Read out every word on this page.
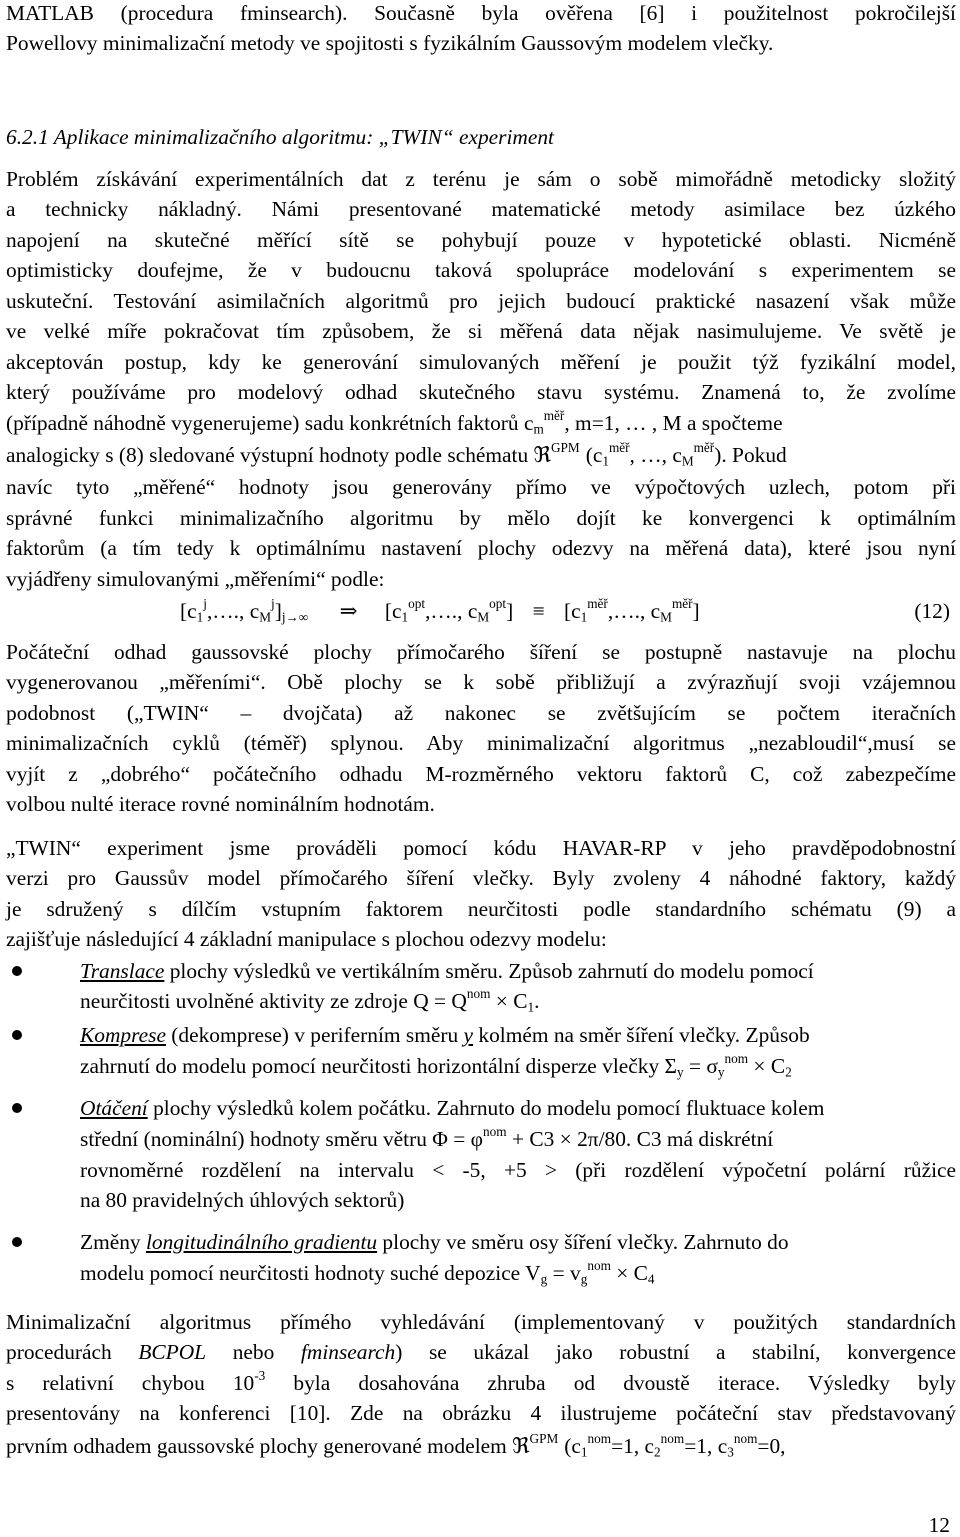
MATLAB (procedura fminsearch). Současně byla ověřena [6] i použitelnost pokročilejší
Powellovy minimalizační metody ve spojitosti s fyzikálním Gaussovým modelem vlečky.
6.2.1 Aplikace minimalizačního algoritmu: „TWIN“ experiment
Problém získávání experimentálních dat z terénu je sám o sobě mimořádně metodicky složitý
a technicky nákladný. Námi presentované matematické metody asimilace bez úzkého
napojení na skutečné měřící sítě se pohybují pouze v hypotetické oblasti. Nicméně
optimisticky doufejme, že v budoucnu taková spolupráce modelování s experimentem se
uskuteční. Testování asimilačních algoritmů pro jejich budoucí praktické nasazení však může
ve velké míře pokračovat tím způsobem, že si měřená data nějak nasimulujeme. Ve světě je
akceptován postup, kdy ke generování simulovaných měření je použit týž fyzikální model,
který používáme pro modelový odhad skutečného stavu systému. Znamená to, že zvolíme
(případně náhodně vygenerujeme) sadu konkrétních faktorů $c_m^{měř}$, m=1, … , M a spočteme
analogicky s (8) sledované výstupní hodnoty podle schématu ℜ$^{GPM}$ ($c_1^{měř}$, …, $c_M^{měř}$). Pokud
navíc tyto „měřené“ hodnoty jsou generovány přímo ve výpočtových uzlech, potom při
správné funkci minimalizačního algoritmu by mělo dojít ke konvergenci k optimálním
faktorům (a tím tedy k optimálnímu nastavení plochy odezvy na měřená data), které jsou nyní
vyjádřeny simulovanými „měřeními“ podle:
[$c_1^j,\dots$., $c_M^j]_{j\to\infty}$ ⇒ [$c_1^{opt},\dots$., $c_M^{opt}$] ≡ [$c_1^{měř},\dots$., $c_M^{měř}$]	(12)
Počáteční odhad gaussovské plochy přímočarého šíření se postupně nastavuje na plochu
vygenerovanou „měřeními“. Obě plochy se k sobě přibližují a zvýrazňují svoji vzájemnou
podobnost („TWIN“ – dvojčata) až nakonec se zvětšujícím se počtem iteračních
minimalizačních cyklů (téměř) splynou. Aby minimalizační algoritmus „nezabloudil“,musí se
vyjít z „dobrého“ počátečního odhadu M-rozměrného vektoru faktorů C, což zabezpečíme
volbou nulté iterace rovné nominálním hodnotám.
„TWIN“ experiment jsme prováděli pomocí kódu HAVAR-RP v jeho pravděpodobnostní
verzi pro Gaussův model přímočarého šíření vlečky. Byly zvoleny 4 náhodné faktory, každý
je sdružený s dílčím vstupním faktorem neurčitosti podle standardního schématu (9) a
zajišťuje následující 4 základní manipulace s plochou odezvy modelu:
Translace plochy výsledků ve vertikálním směru. Způsob zahrnutí do modelu pomocí
neurčitosti uvolněné aktivity ze zdroje $Q = Q^{nom} \times C_1$.
Komprese (dekomprese) v periferním směru y kolmém na směr šíření vlečky. Způsob
zahrnutí do modelu pomocí neurčitosti horizontální disperze vlečky $\Sigma_y = \sigma_y^{nom} \times C_2$
Otáčení plochy výsledků kolem počátku. Zahrnuto do modelu pomocí fluktuace kolem
střední (nominální) hodnoty směru větru $\Phi = \varphi^{nom} + C3 \times 2\pi/80$. C3 má diskrétní
rovnoměrné rozdělení na intervalu < -5, +5 > (při rozdělení výpočetní polární růžice
na 80 pravidelných úhlových sektorů)
Změny longitudinálního gradientu plochy ve směru osy šíření vlečky. Zahrnuto do
modelu pomocí neurčitosti hodnoty suché depozice $V_g = v_g^{nom} \times C_4$
Minimalizační algoritmus přímého vyhledávání (implementovaný v použitých standardních
procedurách BCPOL nebo fminsearch) se ukázal jako robustní a stabilní, konvergence
s relativní chybou $10^{-3}$ byla dosahována zhruba od dvoustě iterace. Výsledky byly
presentovány na konferenci [10]. Zde na obrázku 4 ilustrujeme počáteční stav představovaný
prvním odhadem gaussovské plochy generované modelem ℜ$^{GPM}$ ($c_1^{nom}=1$, $c_2^{nom}=1$, $c_3^{nom}=0$,
12
